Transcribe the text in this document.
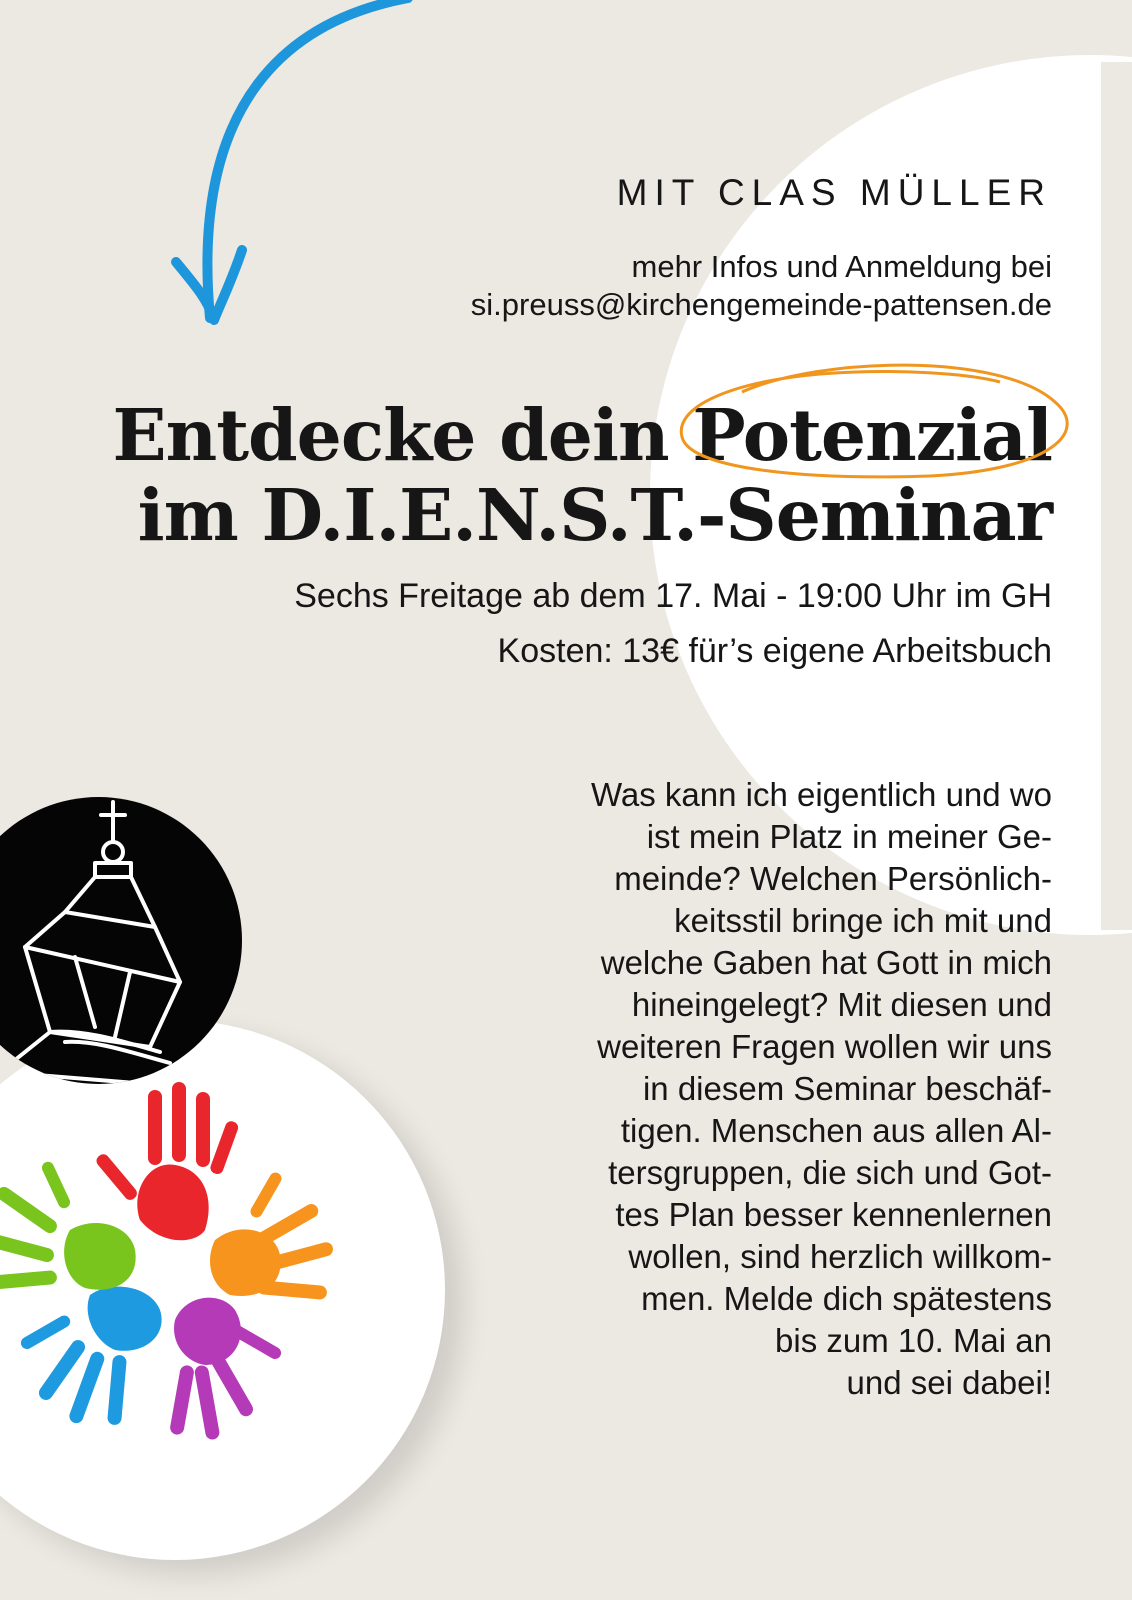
MIT CLAS MÜLLER
mehr Infos und Anmeldung bei
si.preuss@kirchengemeinde-pattensen.de
Entdecke dein Potenzial
im D.I.E.N.S.T.-Seminar
Sechs Freitage ab dem 17. Mai - 19:00 Uhr im GH
Kosten: 13€ für’s eigene Arbeitsbuch
Was kann ich eigentlich und wo
ist mein Platz in meiner Ge-
meinde? Welchen Persönlich-
keitsstil bringe ich mit und
welche Gaben hat Gott in mich
hineingelegt? Mit diesen und
weiteren Fragen wollen wir uns
in diesem Seminar beschäf-
tigen. Menschen aus allen Al-
tersgruppen, die sich und Got-
tes Plan besser kennenlernen
wollen, sind herzlich willkom-
men. Melde dich spätestens
bis zum 10. Mai an
und sei dabei!
